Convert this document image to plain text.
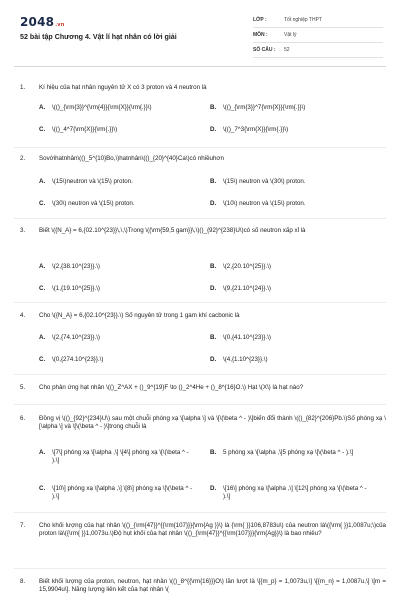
2048.vn
52 bài tập Chương 4. Vật lí hạt nhân có lời giải
LỚP :	Tốt nghiệp THPT
MÔN :	Vật lý
SỐ CÂU :	52
1.	Kí hiệu của hạt nhân nguyên tử X có 3 proton và 4 neutron là
A. \(()_{\rm{3}}^{\rm{4}}{\rm{X}}{\rm{.}}\)	B. \(()_{\rm{3}}^7{\rm{X}}{\rm{.}}\)
C. \(()_4^7{\rm{X}}{\rm{.}}\)	D. \(()_7^3{\rm{X}}{\rm{.}}\)
2.	Sovớihatnhân\(()_5^{10}Bo,\)hatnhân\(()_{20}^{40}Ca\)có nhiềuhơn
A. \(15\)neutron và \(15\) proton.	B. \(15\) neutron và \(30\) proton.
C. \(30\) neutron và \(15\) proton.	D. \(10\) neutron và \(15\) proton.
3.	Biết \({N_A} = 6,{02.10^{23}}\,\,\)Trong \({\rm{59,5 gam}}\,\)()_{92}^{238}U\)có số neutron xấp xỉ là
A. \(2,{38.10^{23}}.\)	B. \(2,{20.10^{25}}.\)
C. \(1,{19.10^{25}}.\)	D. \(9,{21.10^{24}}.\)
4.	Cho \({N_A} = 6,{02.10^{23}}.\) Số nguyên tử trong 1 gam khí cacbonic là
A. \(2,{74.10^{23}}.\)	B. \(0,{41.10^{23}}.\)
C. \(0,{274.10^{23}}.\)	D. \(4,{1.10^{23}}.\)
5.	Cho phản ứng hạt nhân \(()_Z^AX + ()_9^{19}F \to ()_2^4He + ()_8^{16}O.\) Hạt \(X\) là hạt nào?
6.	Đồng vị \(()_{92}^{234}U\) sau một chuỗi phóng xạ \[\alpha \] và \[\(\beta ^ - )\]biến đổi thành \(()_{82}^{206}Pb.\)Số phóng xạ \[\alpha \] và \[\(\beta ^ - )\]trong chuỗi là
A. \[7\] phóng xạ \[\alpha ,\] \[4\] phóng xạ \[\(\beta ^ - ).\]
B. 5 phóng xạ \[\alpha ,\]5 phóng xạ \[\(\beta ^ - ).\]
C. \[10\] phóng xạ \[\alpha ,\] \[8\] phóng xạ \[\(\beta ^ - ).\]
D. \[16\] phóng xạ \[\alpha ,\] \[12\] phóng xạ \[\(\beta ^ - ).\]
7.	Cho khối lượng của hạt nhân \(()_{\rm{47}}^{{\rm{107}}}{\rm{Ag }}\) là {\rm{ }}106,8783u\) của neutron là\({\rm{ }}1,0087u;\)của proton là\({\rm{ }}1,0073u.\)Độ hụt khối của hạt nhân \(()_{\rm{47}}^{{\rm{107}}}{\rm{Ag}}\) là bao nhiêu?
8.	Biết khối lượng của proton, neutron, hạt nhân \(()_8^{{\rm{16}}}O\) lần lượt là \[{m_p} = 1,0073u,\] \[{m_n} = 1,0087u,\] \[m = 15,9904u\]. Năng lượng liên kết của hạt nhân \(
